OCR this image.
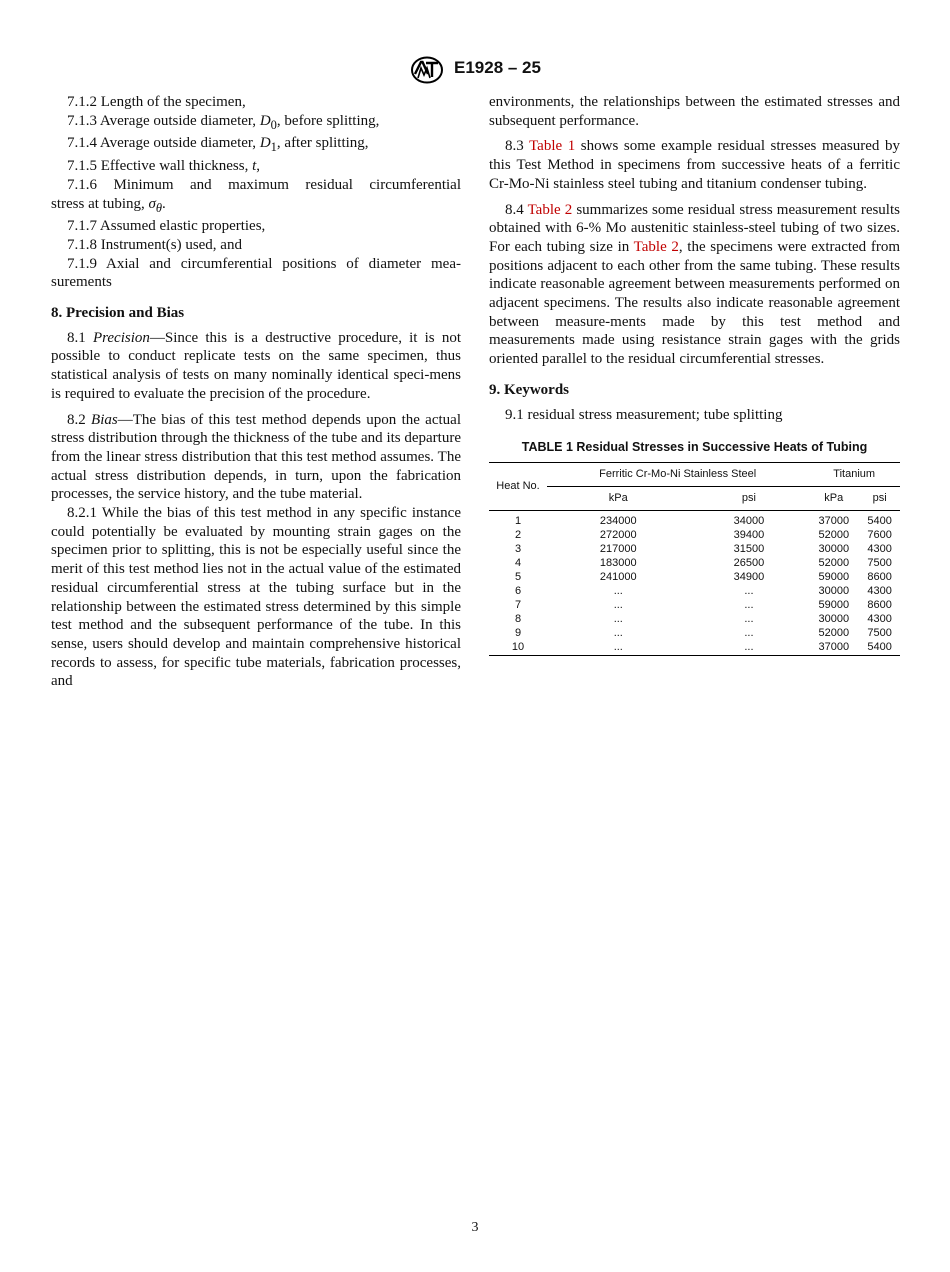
E1928 – 25
7.1.2 Length of the specimen,
7.1.3 Average outside diameter, $D_0$, before splitting,
7.1.4 Average outside diameter, $D_1$, after splitting,
7.1.5 Effective wall thickness, t,
7.1.6 Minimum and maximum residual circumferential
stress at tubing, $\sigma_\theta$.
7.1.7 Assumed elastic properties,
7.1.8 Instrument(s) used, and
7.1.9 Axial and circumferential positions of diameter mea-
surements
8. Precision and Bias

8.1 Precision—Since this is a destructive procedure, it is not possible to conduct replicate tests on the same specimen, thus statistical analysis of tests on many nominally identical speci-mens is required to evaluate the precision of the procedure.

8.2 Bias—The bias of this test method depends upon the actual stress distribution through the thickness of the tube and its departure from the linear stress distribution that this test method assumes. The actual stress distribution depends, in turn, upon the fabrication processes, the service history, and the tube material.

8.2.1 While the bias of this test method in any specific instance could potentially be evaluated by mounting strain gages on the specimen prior to splitting, this is not be especially useful since the merit of this test method lies not in the actual value of the estimated residual circumferential stress at the tubing surface but in the relationship between the estimated stress determined by this simple test method and the subsequent performance of the tube. In this sense, users should develop and maintain comprehensive historical records to assess, for specific tube materials, fabrication processes, and

environments, the relationships between the estimated stresses and subsequent performance.

8.3 Table 1 shows some example residual stresses measured by this Test Method in specimens from successive heats of a ferritic Cr-Mo-Ni stainless steel tubing and titanium condenser tubing.

8.4 Table 2 summarizes some residual stress measurement results obtained with 6-% Mo austenitic stainless-steel tubing of two sizes. For each tubing size in Table 2, the specimens were extracted from positions adjacent to each other from the same tubing. These results indicate reasonable agreement between measurements performed on adjacent specimens. The results also indicate reasonable agreement between measure-ments made by this test method and measurements made using resistance strain gages with the grids oriented parallel to the residual circumferential stresses.

9. Keywords

9.1 residual stress measurement; tube splitting

TABLE 1 Residual Stresses in Successive Heats of Tubing
Heat No.	Ferritic Cr-Mo-Ni Stainless Steel		Titanium	
	kPa	psi	kPa	psi
1	234000	34000	37000	5400
2	272000	39400	52000	7600
3	217000	31500	30000	4300
4	183000	26500	52000	7500
5	241000	34900	59000	8600
6	...	...	30000	4300
7	...	...	59000	8600
8	...	...	30000	4300
9	...	...	52000	7500
10	...	...	37000	5400
3
